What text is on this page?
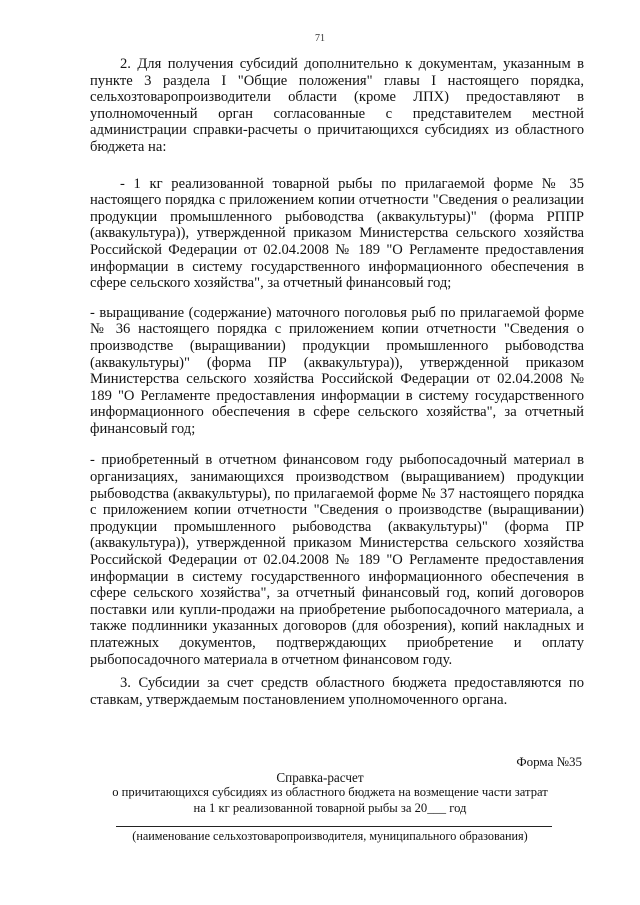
71

2. Для получения субсидий дополнительно к документам, указанным в пункте 3 раздела I "Общие положения" главы I настоящего порядка, сельхозтоваропроизводители области (кроме ЛПХ) предоставляют в уполномоченный орган согласованные с представителем местной администрации справки-расчеты о причитающихся субсидиях из областного бюджета на:

- 1 кг реализованной товарной рыбы по прилагаемой форме № 35 настоящего порядка с приложением копии отчетности "Сведения о реализации продукции промышленного рыбоводства (аквакультуры)" (форма РППР (аквакультура)), утвержденной приказом Министерства сельского хозяйства Российской Федерации от 02.04.2008 № 189 "О Регламенте предоставления информации в систему государственного информационного обеспечения в сфере сельского хозяйства", за отчетный финансовый год;

- выращивание (содержание) маточного поголовья рыб по прилагаемой форме № 36 настоящего порядка с приложением копии отчетности "Сведения о производстве (выращивании) продукции промышленного рыбоводства (аквакультуры)" (форма ПР (аквакультура)), утвержденной приказом Министерства сельского хозяйства Российской Федерации от 02.04.2008 № 189 "О Регламенте предоставления информации в систему государственного информационного обеспечения в сфере сельского хозяйства", за отчетный финансовый год;

- приобретенный в отчетном финансовом году рыбопосадочный материал в организациях, занимающихся производством (выращиванием) продукции рыбоводства (аквакультуры), по прилагаемой форме № 37 настоящего порядка с приложением копии отчетности "Сведения о производстве (выращивании) продукции промышленного рыбоводства (аквакультуры)" (форма ПР (аквакультура)), утвержденной приказом Министерства сельского хозяйства Российской Федерации от 02.04.2008 № 189 "О Регламенте предоставления информации в систему государственного информационного обеспечения в сфере сельского хозяйства", за отчетный финансовый год, копий договоров поставки или купли-продажи на приобретение рыбопосадочного материала, а также подлинники указанных договоров (для обозрения), копий накладных и платежных документов, подтверждающих приобретение и оплату рыбопосадочного материала в отчетном финансовом году.

3. Субсидии за счет средств областного бюджета предоставляются по ставкам, утверждаемым постановлением уполномоченного органа.

Форма №35
Справка-расчет
о причитающихся субсидиях из областного бюджета на возмещение части затрат
на 1 кг реализованной товарной рыбы за 20___ год
(наименование сельхозтоваропроизводителя, муниципального образования)
